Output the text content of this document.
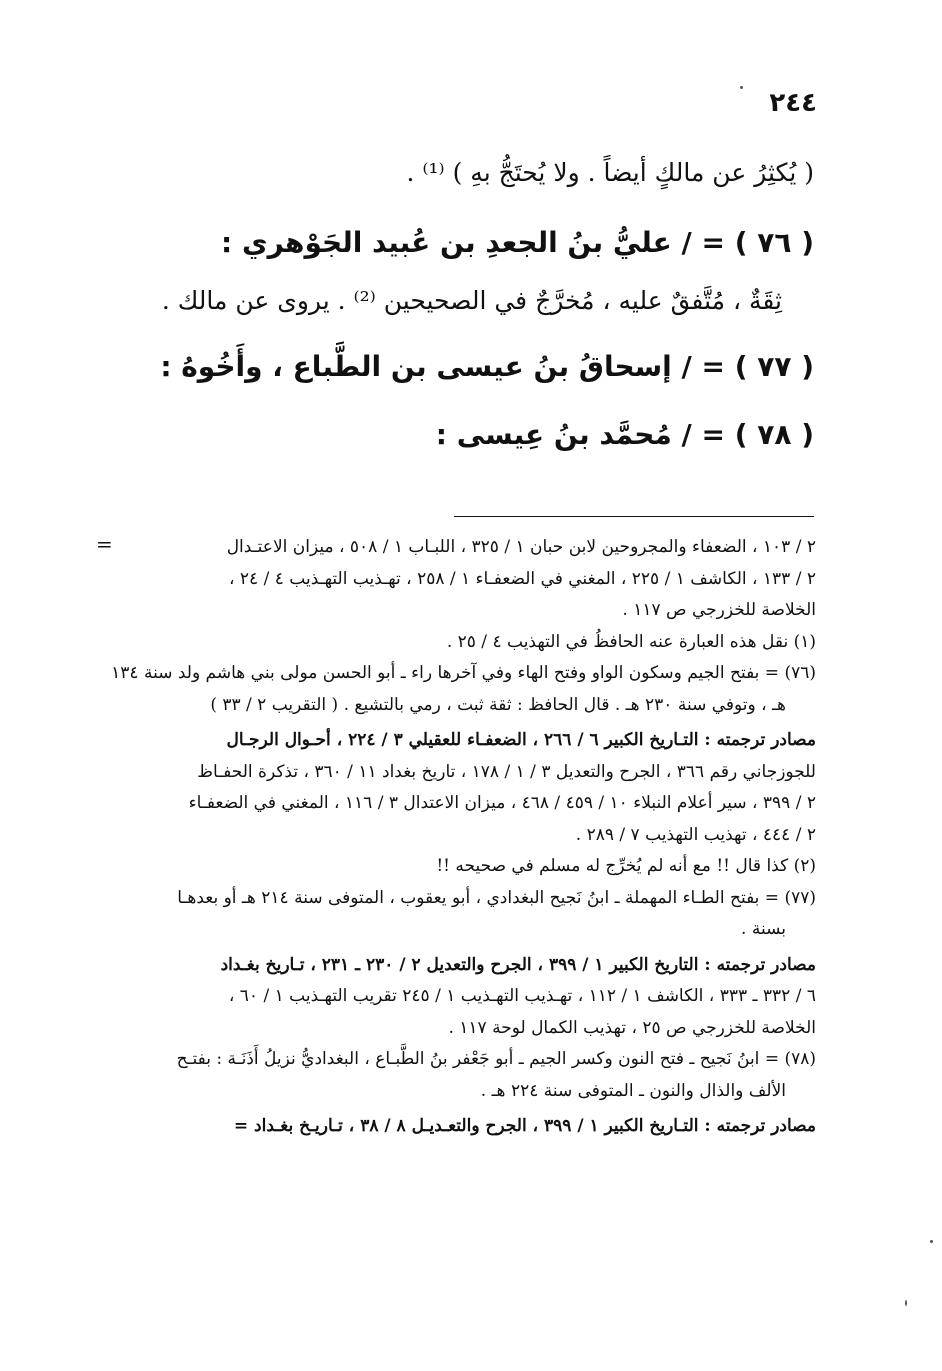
٢٤٤
( يُكثِرُ عن مالكٍ أيضاً . ولا يُحتَجُّ بهِ ) ⁽¹⁾ .
( ٧٦ ) = / عليُّ بنُ الجعدِ بن عُبيد الجَوْهري :
ثِقَةٌ ، مُتَّفقٌ عليه ، مُخرَّجٌ في الصحيحين ⁽²⁾ . يروى عن مالك .
( ٧٧ ) = / إسحاقُ بنُ عيسى بن الطَّباع ، وأَخُوهُ :
( ٧٨ ) = / مُحمَّد بنُ عِيسى :
=	٢ / ١٠٣ ، الضعفاء والمجروحين لابن حبان ١ / ٣٢٥ ، اللبـاب ١ / ٥٠٨ ، ميزان الاعتـدال
٢ / ١٣٣ ، الكاشف ١ / ٢٢٥ ، المغني في الضعفـاء ١ / ٢٥٨ ، تهـذيب التهـذيب ٤ / ٢٤ ،
الخلاصة للخزرجي ص ١١٧ .
(١) نقل هذه العبارة عنه الحافظُ في التهذيب ٤ / ٢٥ .
(٧٦) = بفتح الجيم وسكون الواو وفتح الهاء وفي آخرها راء ـ أبو الحسن مولى بني هاشم ولد سنة ١٣٤
هـ ، وتوفي سنة ٢٣٠ هـ . قال الحافظ : ثقة ثبت ، رمي بالتشيع . ( التقريب ٢ / ٣٣ )
مصادر ترجمته : التـاريخ الكبير ٦ / ٢٦٦ ، الضعفـاء للعقيلي ٣ / ٢٢٤ ، أحـوال الرجـال
للجوزجاني رقم ٣٦٦ ، الجرح والتعديل ٣ / ١ / ١٧٨ ، تاريخ بغداد ١١ / ٣٦٠ ، تذكرة الحفـاظ
٢ / ٣٩٩ ، سير أعلام النبلاء ١٠ / ٤٥٩ / ٤٦٨ ، ميزان الاعتدال ٣ / ١١٦ ، المغني في الضعفـاء
٢ / ٤٤٤ ، تهذيب التهذيب ٧ / ٢٨٩ .
(٢) كذا قال !! مع أنه لم يُخرِّج له مسلم في صحيحه !!
(٧٧) = بفتح الطـاء المهملة ـ ابنُ نَجيح البغدادي ، أبو يعقوب ، المتوفى سنة ٢١٤ هـ أو بعدهـا
بسنة .
مصادر ترجمته : التاريخ الكبير ١ / ٣٩٩ ، الجرح والتعديل ٢ / ٢٣٠ ـ ٢٣١ ، تـاريخ بغـداد
٦ / ٣٣٢ ـ ٣٣٣ ، الكاشف ١ / ١١٢ ، تهـذيب التهـذيب ١ / ٢٤٥ تقريب التهـذيب ١ / ٦٠ ،
الخلاصة للخزرجي ص ٢٥ ، تهذيب الكمال لوحة ١١٧ .
(٧٨) = ابنُ نَجيح ـ فتح النون وكسر الجيم ـ أبو جَعْفر بنُ الطَّبـاع ، البغداديُّ نزيلُ أَذَنَـة : بفتـح
الألف والذال والنون ـ المتوفى سنة ٢٢٤ هـ .
مصادر ترجمته : التـاريخ الكبير ١ / ٣٩٩ ، الجرح والتعـديـل ٨ / ٣٨ ، تـاريـخ بغـداد =
